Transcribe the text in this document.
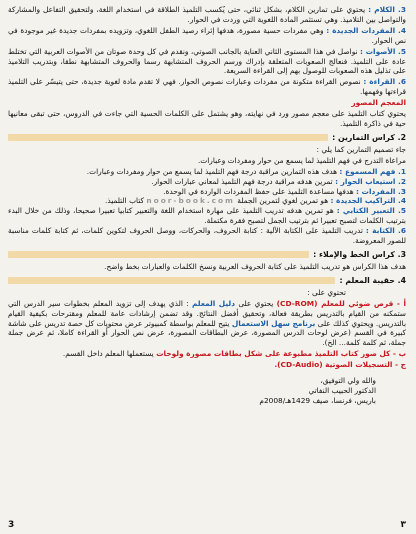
3. الكلام : يحتوي على تمارين الكلام، بشكل ثنائي، حتى يُكسب التلميذ الطلاقة في استخدام اللغة، ولتحقيق التفاعل والمشاركة والتواصل بين التلاميذ. وهي تستثمر المادة اللغوية التي وردت في الحوار.

4. المفردات الجديدة : وهي مفردات حسية مصورة، هدفها إثراء رصيد الطفل اللغوي، وتزويده بمفردات جديدة غير موجودة في نص الحوار.

5. الأصوات : نواصل في هذا المستوى الثاني العناية بالجانب الصوتي، ونقدم في كل وحدة صوتان من الأصوات العربية التي تختلط عادة على التلميذ. فنعالج الصعوبات المتعلقة بإدراك ورسم الحروف المتشابهة رسما والحروف المتشابهة نطقا، وبتدريب التلاميذ على تذليل هذه الصعوبات للوصول بهم إلى القراءة السريعة.

6. القراءة : نصوص القراءة متكونة من مفردات وعبارات نصوص الحوار. فهي لا تقدم مادة لغوية جديدة، حتى يتيسّر على التلميذ قراءتها وفهمها.

المعجم المصور

يحتوي كتاب التلميذ على معجم مصور ورد في نهايته، وهو يشتمل على الكلمات الحسية التي جاءت في الدروس، حتى تبقى معانيها حية في ذاكرة التلميذ.

2. كراس التمارين :

جاء تصميم التمارين كما يلي :

مراعاة التدرج في فهم التلميذ لما يسمع من حوار ومفردات وعبارات.

1. فهم المسموع : هدف هذه التمارين مراقبة درجة فهم التلميذ لما يسمع من حوار ومفردات وعبارات.

2. استيعاب الحوار : تمرين هدفه مراقبة درجة فهم التلميذ لمعاني عبارات الحوار.

3. المفردات : هدفها مساعدة التلميذ على حفظ المفردات الواردة في الوحدة.

4. التراكيب الجديدة : هو تمرين لغوي لتمرين الجملة noor-book.com كتاب التلميذ.

5. التعبير الكتابي : هو تمرين هدفه تدريب التلميذ على مهارة استخدام اللغة والتعبير كتابيا تعبيرا صحيحا، وذلك من خلال البدء بترتيب الكلمات لتصبح تعبيرا ثم بترتيب الجمل لتصبح فقرة مكتملة.

6. الكتابة : تدريب التلميذ على الكتابة الآلية : كتابة الحروف، والحركات، ووصل الحروف لتكوين كلمات، ثم كتابة كلمات مناسبة للصور المعروضة.

3. كراس الخط والإملاء :

هدف هذا الكراس هو تدريب التلميذ على كتابة الحروف العربية ونسخ الكلمات والعبارات بخط واضح.

4. حقيبة المعلم :

تحتوي على :

أ - قرص ضوئي للمعلم (CD-ROM) يحتوي على دليل المعلم : الذي يهدف إلى تزويد المعلم بخطوات سير الدرس التي ستمكنه من القيام بالتدريس بطريقة فعالة، وتحقيق أفضل النتائج. وقد تضمن إرشادات عامة للمعلم ومقترحات بكيفية القيام بالتدريس. ويحتوي كذلك على برنامج سهل الاستعمال يتيح للمعلم بواسطة كمبيوتر عرض محتويات كل حصة تدريس على شاشة كبيرة في القسم (عرض لوحات الدرس المصورة، عرض البطاقات المصورة، عرض نص الحوار أو القراءة كاملا، ثم عرض جملة جملة، ثم كلمة كلمة... الخ).

ب - كل صور كتاب التلميذ مطبوعة على شكل بطاقات مصورة ولوحات يستعملها المعلم داخل القسم.

ج - التسجيلات الصوتية (CD-Audio).

والله ولي التوفيق،
الدكتور الحبيب النفاتي
باريس، فرنسا، صيف 1429هـ/2008م
3	٣
